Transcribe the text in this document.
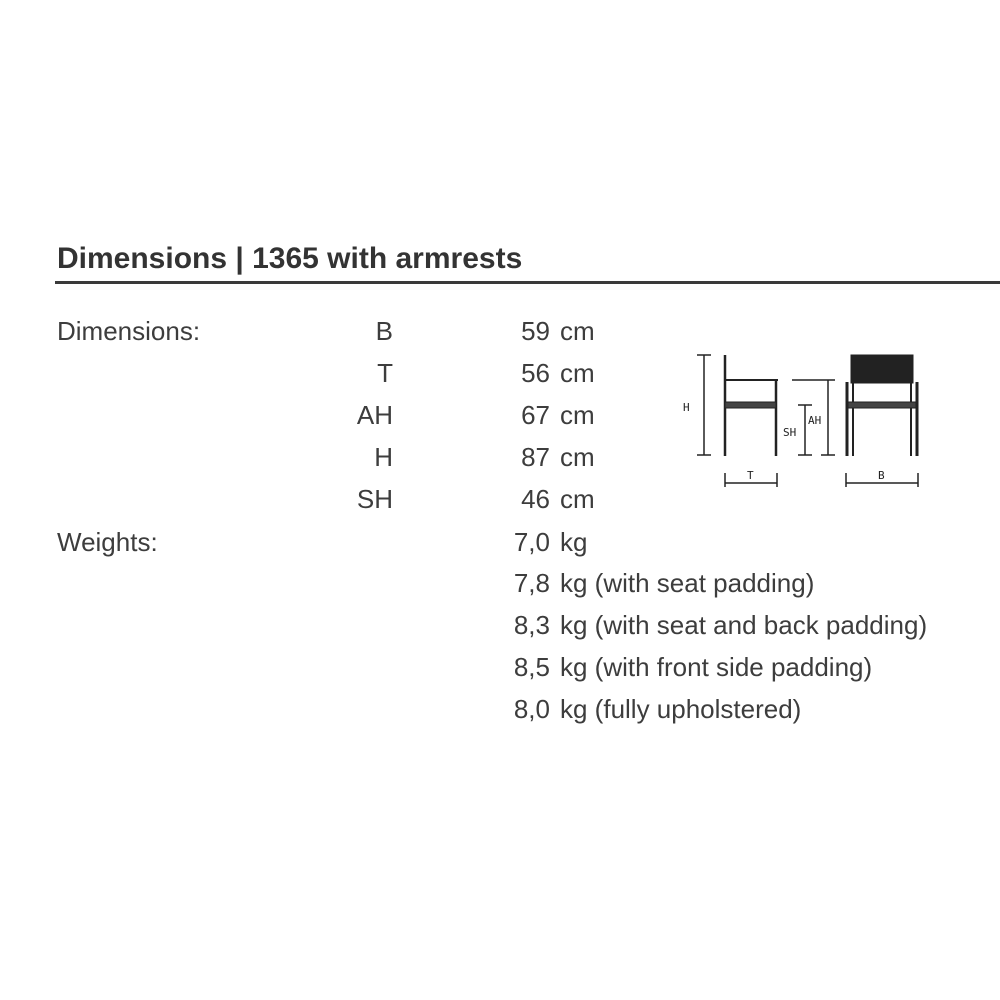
Dimensions | 1365 with armrests
Dimensions:	B	59 cm
T	56 cm
AH	67 cm
H	87 cm
SH	46 cm
Weights:	7,0 kg
7,8 kg (with seat padding)
8,3 kg (with seat and back padding)
8,5 kg (with front side padding)
8,0 kg (fully upholstered)
H
SH
AH
T	B
